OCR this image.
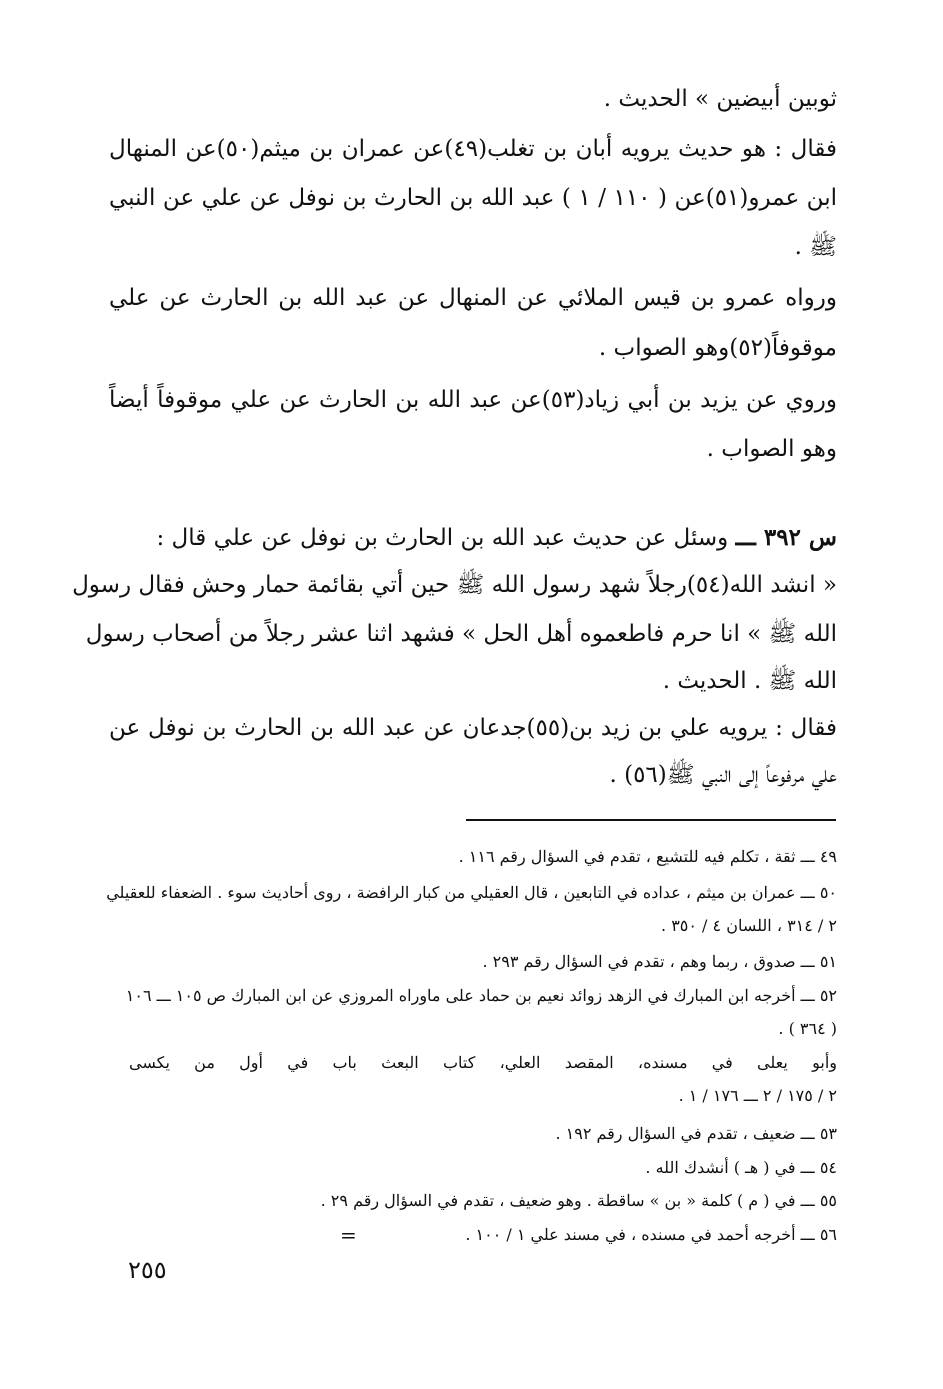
ثوبين أبيضين » الحديث .
فقال : هو حديث يرويه أبان بن تغلب(٤٩)عن عمران بن ميثم(٥٠)عن المنهال
ابن عمرو(٥١)عن ( ١١٠ / ١ ) عبد الله بن الحارث بن نوفل عن علي عن النبي
ﷺ .
ورواه عمرو بن قيس الملائي عن المنهال عن عبد الله بن الحارث عن علي
موقوفاً(٥٢)وهو الصواب .
وروي عن يزيد بن أبي زياد(٥٣)عن عبد الله بن الحارث عن علي موقوفاً أيضاً
وهو الصواب .
س ٣٩٢ ـــ وسئل عن حديث عبد الله بن الحارث بن نوفل عن علي قال :
« انشد الله(٥٤)رجلاً شهد رسول الله ﷺ حين أتي بقائمة حمار وحش فقال رسول
الله ﷺ » انا حرم فاطعموه أهل الحل » فشهد اثنا عشر رجلاً من أصحاب رسول
الله ﷺ . الحديث .
فقال : يرويه علي بن زيد بن(٥٥)جدعان عن عبد الله بن الحارث بن نوفل عن
علي مرفوعاً إلى النبي ﷺ(٥٦) .
٤٩ ـــ ثقة ، تكلم فيه للتشيع ، تقدم في السؤال رقم ١١٦ .
٥٠ ـــ عمران بن ميثم ، عداده في التابعين ، قال العقيلي من كبار الرافضة ، روى أحاديث سوء . الضعفاء للعقيلي
٢ / ٣١٤ ، اللسان ٤ / ٣٥٠ .
٥١ ـــ صدوق ، ربما وهم ، تقدم في السؤال رقم ٢٩٣ .
٥٢ ـــ أخرجه ابن المبارك في الزهد زوائد نعيم بن حماد على ماوراه المروزي عن ابن المبارك ص ١٠٥ ـــ ١٠٦
( ٣٦٤ ) .
وأبو يعلى في مسنده، المقصد العلي، كتاب البعث باب في أول من يكسى
٢ / ١٧٥ / ٢ ـــ ١٧٦ / ١ .
٥٣ ـــ ضعيف ، تقدم في السؤال رقم ١٩٢ .
٥٤ ـــ في ( هـ ) أنشدك الله .
٥٥ ـــ في ( م ) كلمة « بن » ساقطة . وهو ضعيف ، تقدم في السؤال رقم ٢٩ .
٥٦ ـــ أخرجه أحمد في مسنده ، في مسند علي ١ / ١٠٠ .
=
٢٥٥
